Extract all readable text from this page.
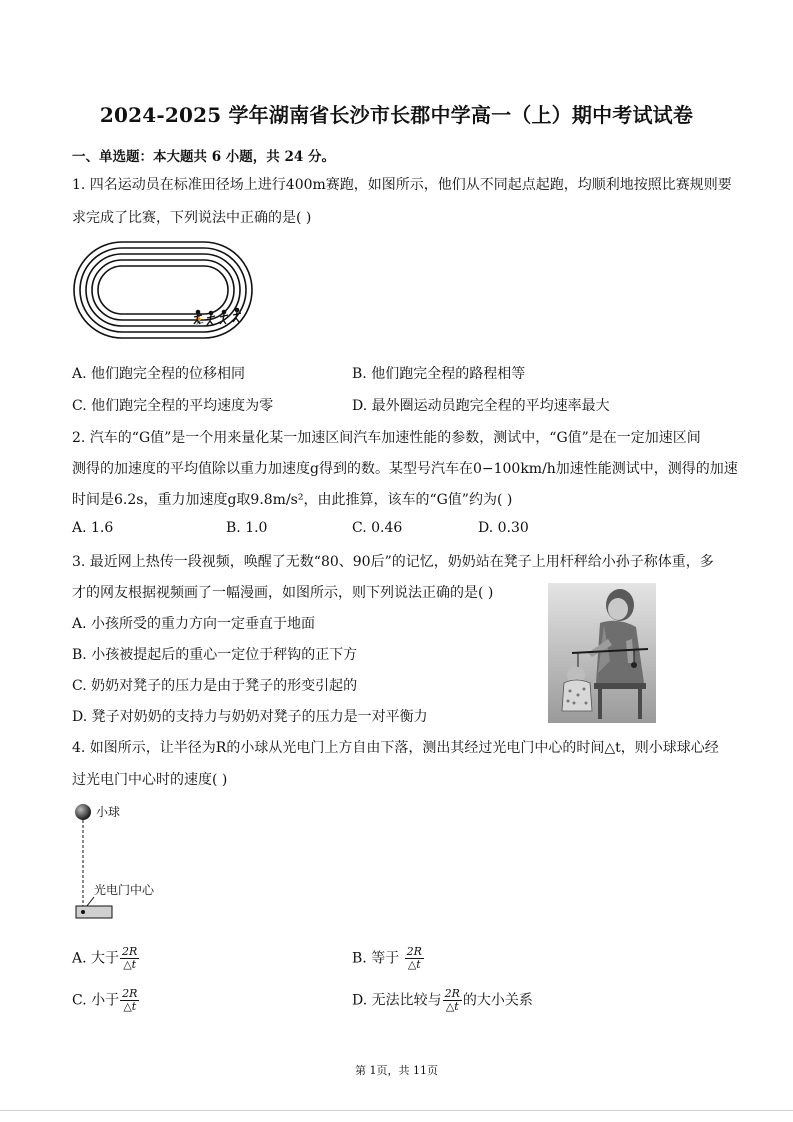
2024-2025 学年湖南省长沙市长郡中学高一（上）期中考试试卷
一、单选题：本大题共 6 小题，共 24 分。
1. 四名运动员在标准田径场上进行400m赛跑，如图所示，他们从不同起点起跑，均顺利地按照比赛规则要
求完成了比赛，下列说法中正确的是( )
🏃
A. 他们跑完全程的位移相同	B. 他们跑完全程的路程相等
C. 他们跑完全程的平均速度为零	D. 最外圈运动员跑完全程的平均速率最大
2. 汽车的“G值”是一个用来量化某一加速区间汽车加速性能的参数，测试中，“G值”是在一定加速区间
测得的加速度的平均值除以重力加速度g得到的数。某型号汽车在0−100km/h加速性能测试中，测得的加速
时间是6.2s，重力加速度g取9.8m/s²，由此推算，该车的“G值”约为( )
A. 1.6	B. 1.0	C. 0.46	D. 0.30
3. 最近网上热传一段视频，唤醒了无数“80、90后”的记忆，奶奶站在凳子上用杆秤给小孙子称体重，多
才的网友根据视频画了一幅漫画，如图所示，则下列说法正确的是( )
A. 小孩所受的重力方向一定垂直于地面
B. 小孩被提起后的重心一定位于秤钩的正下方
C. 奶奶对凳子的压力是由于凳子的形变引起的
D. 凳子对奶奶的支持力与奶奶对凳子的压力是一对平衡力
4. 如图所示，让半径为R的小球从光电门上方自由下落，测出其经过光电门中心的时间△t，则小球球心经
过光电门中心时的速度( )
小球
光电门中心
A. 大于 $\frac{2R}{\triangle t}$	B. 等于 $\frac{2R}{\triangle t}$
C. 小于 $\frac{2R}{\triangle t}$	D. 无法比较与 $\frac{2R}{\triangle t}$ 的大小关系
第 1页，共 11页
